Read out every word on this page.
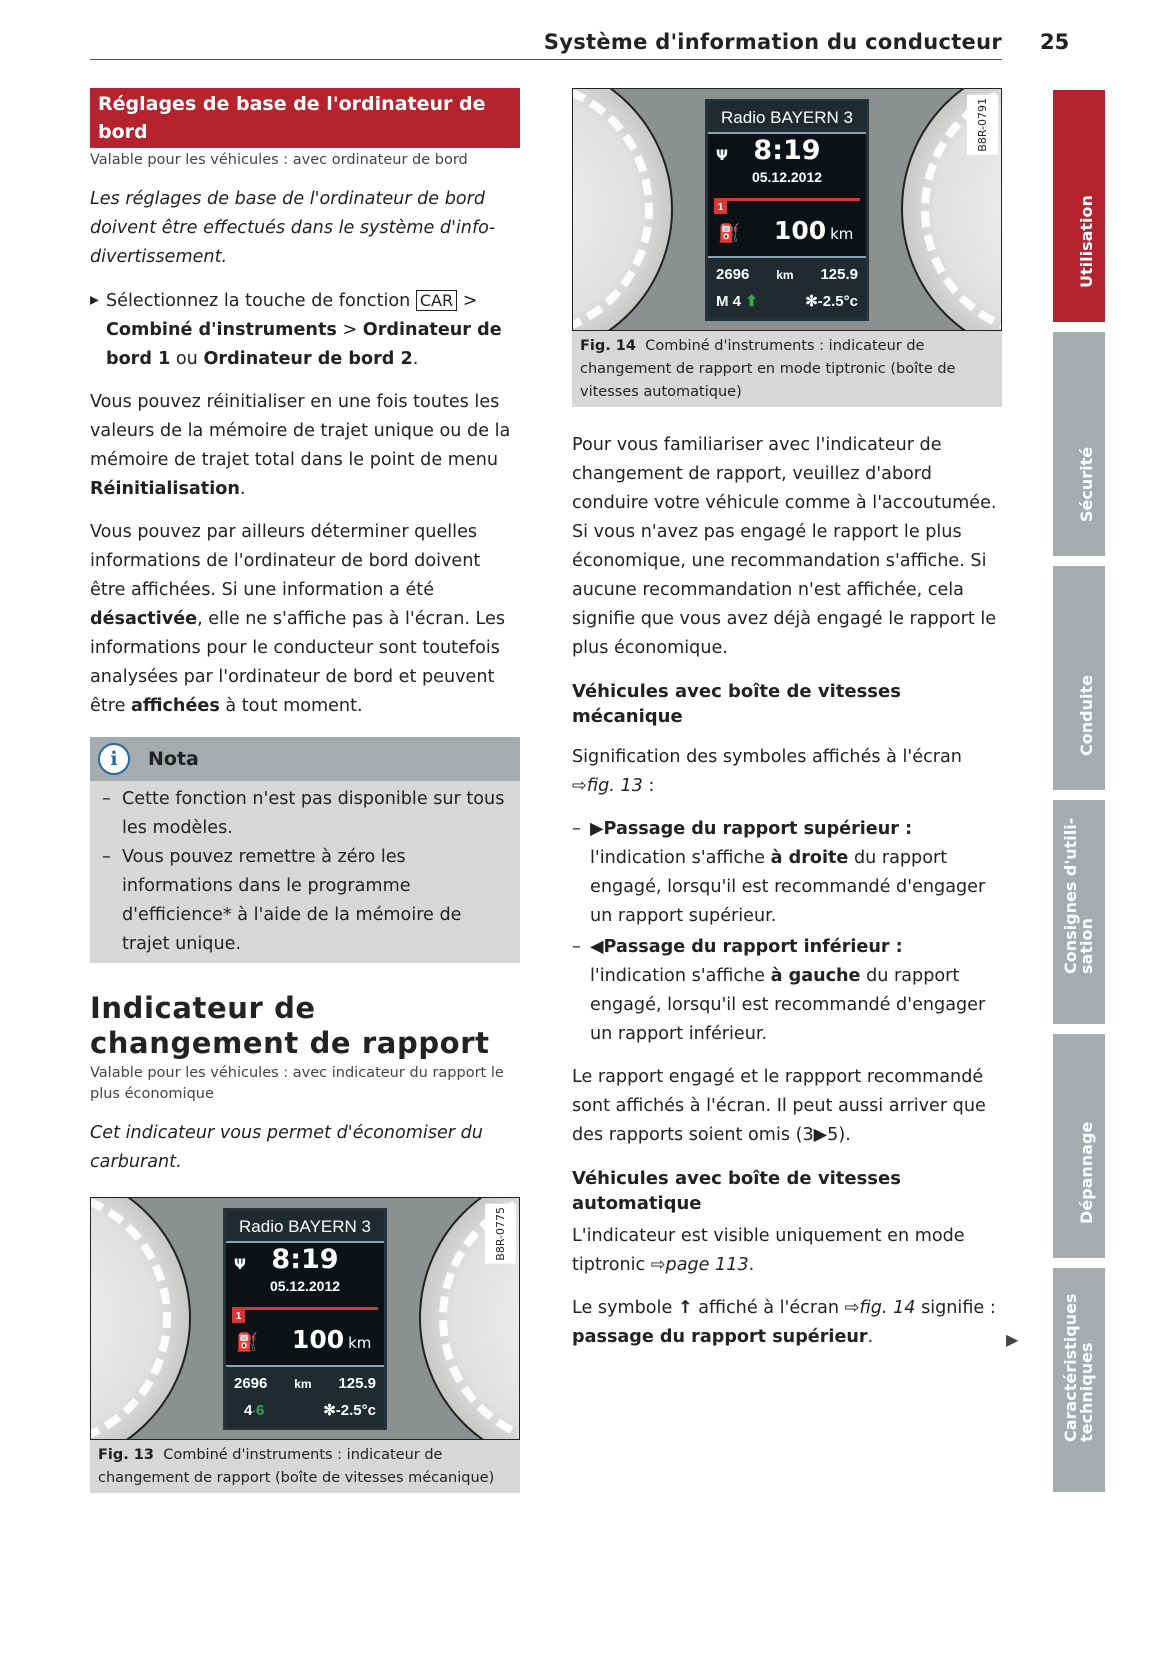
Système d'information du conducteur 25
Réglages de base de l'ordinateur de bord
Valable pour les véhicules : avec ordinateur de bord
Les réglages de base de l'ordinateur de bord doivent être effectués dans le système d'info-divertissement.

▸ Sélectionnez la touche de fonction CAR > Combiné d'instruments > Ordinateur de bord 1 ou Ordinateur de bord 2.

Vous pouvez réinitialiser en une fois toutes les valeurs de la mémoire de trajet unique ou de la mémoire de trajet total dans le point de menu Réinitialisation.

Vous pouvez par ailleurs déterminer quelles informations de l'ordinateur de bord doivent être affichées. Si une information a été désactivée, elle ne s'affiche pas à l'écran. Les informations pour le conducteur sont toutefois analysées par l'ordinateur de bord et peuvent être affichées à tout moment.

i	Nota
– Cette fonction n'est pas disponible sur tous les modèles.
– Vous pouvez remettre à zéro les informations dans le programme d'efficience* à l'aide de la mémoire de trajet unique.
Indicateur de changement de rapport
Valable pour les véhicules : avec indicateur du rapport le plus économique
Cet indicateur vous permet d'économiser du carburant.
Radio BAYERN 3
Ψ 8:19
05.12.2012
1
⛽ 100 km
2696 km 125.9
4·6	✻-2.5°c
B8R-0775
Fig. 13 Combiné d'instruments : indicateur de changement de rapport (boîte de vitesses mécanique)
Radio BAYERN 3
Ψ 8:19
05.12.2012
1
⛽ 100 km
2696 km 125.9
M 4 ⬆	✻-2.5°c
B8R-0791
Fig. 14 Combiné d'instruments : indicateur de changement de rapport en mode tiptronic (boîte de vitesses automatique)

Pour vous familiariser avec l'indicateur de changement de rapport, veuillez d'abord conduire votre véhicule comme à l'accoutumée. Si vous n'avez pas engagé le rapport le plus économique, une recommandation s'affiche. Si aucune recommandation n'est affichée, cela signifie que vous avez déjà engagé le rapport le plus économique.

Véhicules avec boîte de vitesses mécanique

Signification des symboles affichés à l'écran ⇨fig. 13 :

– ▶Passage du rapport supérieur : l'indication s'affiche à droite du rapport engagé, lorsqu'il est recommandé d'engager un rapport supérieur.

– ◀Passage du rapport inférieur : l'indication s'affiche à gauche du rapport engagé, lorsqu'il est recommandé d'engager un rapport inférieur.

Le rapport engagé et le rappport recommandé sont affichés à l'écran. Il peut aussi arriver que des rapports soient omis (3▶5).

Véhicules avec boîte de vitesses automatique

L'indicateur est visible uniquement en mode tiptronic ⇨page 113.

Le symbole ↑ affiché à l'écran ⇨fig. 14 signifie : passage du rapport supérieur.	▶
Utilisation
Sécurité
Conduite
Consignes d'utili-
sation
Dépannage
Caractéristiques
techniques
